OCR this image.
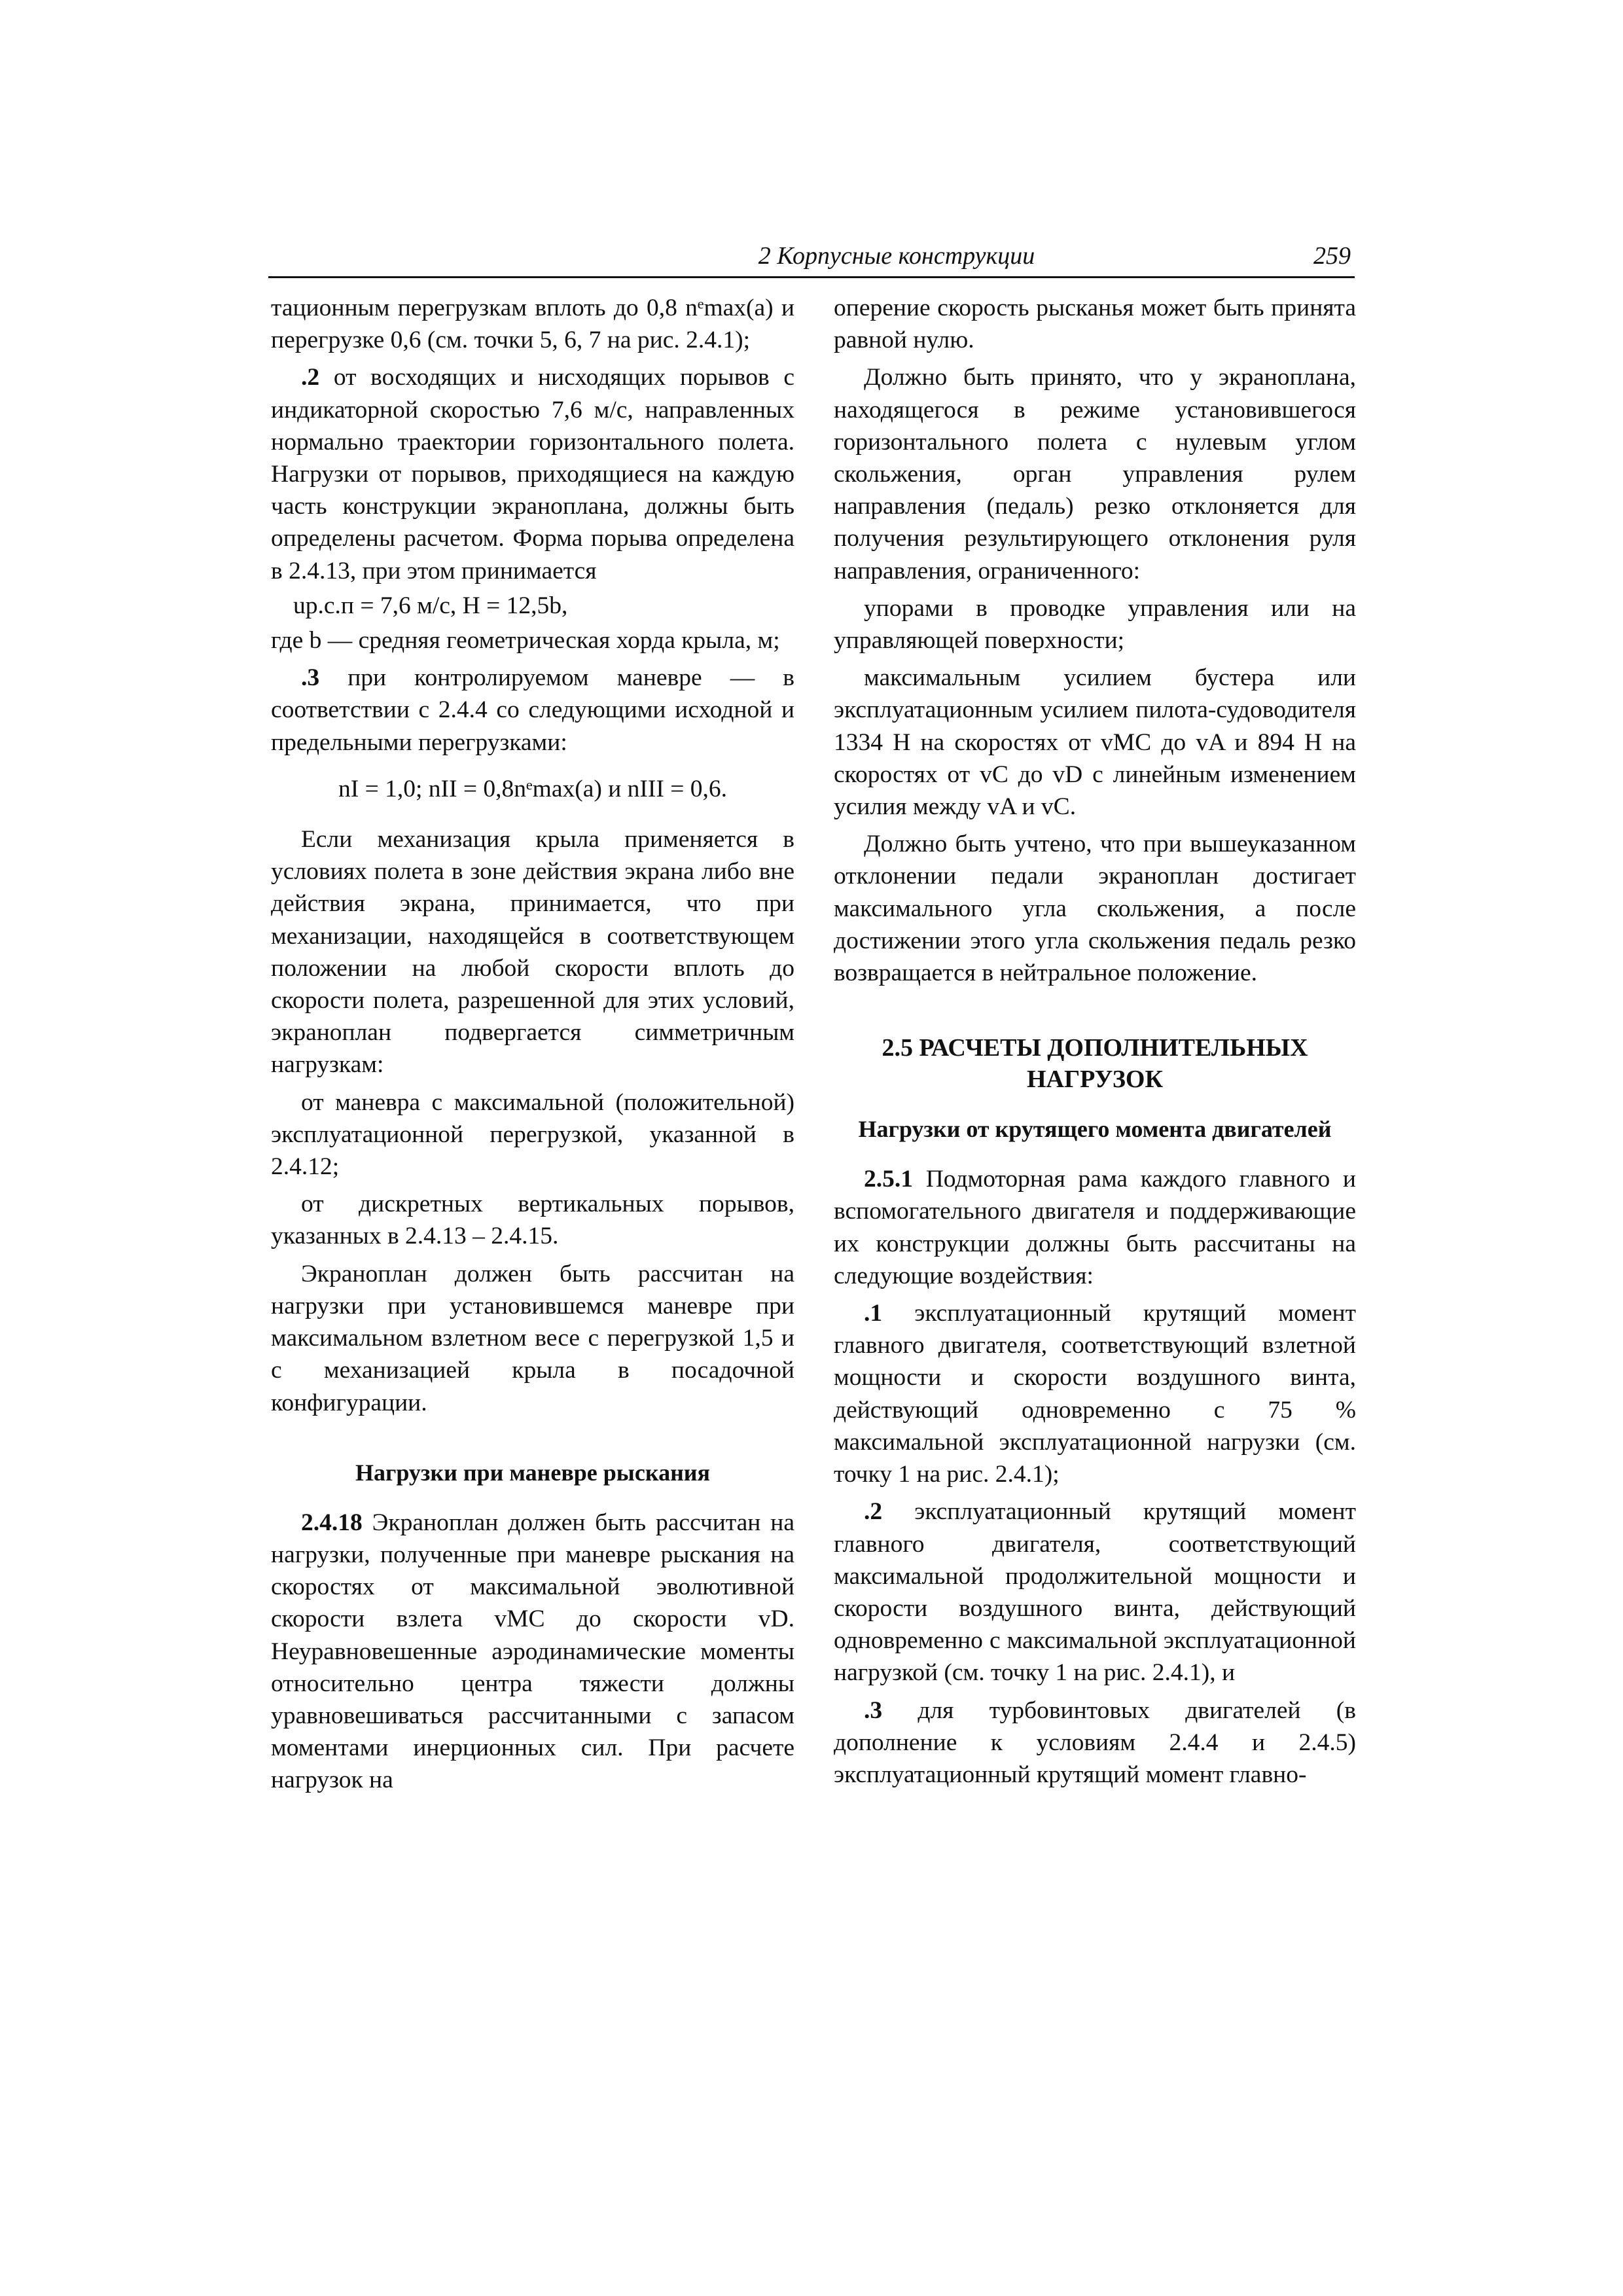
2 Корпусные конструкции	259

тационным перегрузкам вплоть до 0,8 nᵉmax(a) и перегрузке 0,6 (см. точки 5, 6, 7 на рис. 2.4.1);

.2 от восходящих и нисходящих порывов с индикаторной скоростью 7,6 м/с, направленных нормально траектории горизонтального полета. Нагрузки от порывов, приходящиеся на каждую часть конструкции экраноплана, должны быть определены расчетом. Форма порыва определена в 2.4.13, при этом принимается

uр.с.п = 7,6 м/с, H = 12,5b,

где b — средняя геометрическая хорда крыла, м;

.3 при контролируемом маневре — в соответствии с 2.4.4 со следующими исходной и предельными перегрузками:

nI = 1,0; nII = 0,8nᵉmax(a) и nIII = 0,6.

Если механизация крыла применяется в условиях полета в зоне действия экрана либо вне действия экрана, принимается, что при механизации, находящейся в соответствующем положении на любой скорости вплоть до скорости полета, разрешенной для этих условий, экраноплан подвергается симметричным нагрузкам:

от маневра с максимальной (положительной) эксплуатационной перегрузкой, указанной в 2.4.12;

от дискретных вертикальных порывов, указанных в 2.4.13 – 2.4.15.

Экраноплан должен быть рассчитан на нагрузки при установившемся маневре при максимальном взлетном весе с перегрузкой 1,5 и с механизацией крыла в посадочной конфигурации.

Нагрузки при маневре рыскания

2.4.18 Экраноплан должен быть рассчитан на нагрузки, полученные при маневре рыскания на скоростях от максимальной эволютивной скорости взлета vMC до скорости vD. Неуравновешенные аэродинамические моменты относительно центра тяжести должны уравновешиваться рассчитанными с запасом моментами инерционных сил. При расчете нагрузок на

оперение скорость рысканья может быть принята равной нулю.

Должно быть принято, что у экраноплана, находящегося в режиме установившегося горизонтального полета с нулевым углом скольжения, орган управления рулем направления (педаль) резко отклоняется для получения результирующего отклонения руля направления, ограниченного:

упорами в проводке управления или на управляющей поверхности;

максимальным усилием бустера или эксплуатационным усилием пилота-судоводителя 1334 Н на скоростях от vMC до vA и 894 Н на скоростях от vC до vD с линейным изменением усилия между vA и vC.

Должно быть учтено, что при вышеуказанном отклонении педали экраноплан достигает максимального угла скольжения, а после достижении этого угла скольжения педаль резко возвращается в нейтральное положение.

2.5 РАСЧЕТЫ ДОПОЛНИТЕЛЬНЫХ НАГРУЗОК
Нагрузки от крутящего момента двигателей

2.5.1 Подмоторная рама каждого главного и вспомогательного двигателя и поддерживающие их конструкции должны быть рассчитаны на следующие воздействия:

.1 эксплуатационный крутящий момент главного двигателя, соответствующий взлетной мощности и скорости воздушного винта, действующий одновременно с 75 % максимальной эксплуатационной нагрузки (см. точку 1 на рис. 2.4.1);

.2 эксплуатационный крутящий момент главного двигателя, соответствующий максимальной продолжительной мощности и скорости воздушного винта, действующий одновременно с максимальной эксплуатационной нагрузкой (см. точку 1 на рис. 2.4.1), и

.3 для турбовинтовых двигателей (в дополнение к условиям 2.4.4 и 2.4.5) эксплуатационный крутящий момент главно-
